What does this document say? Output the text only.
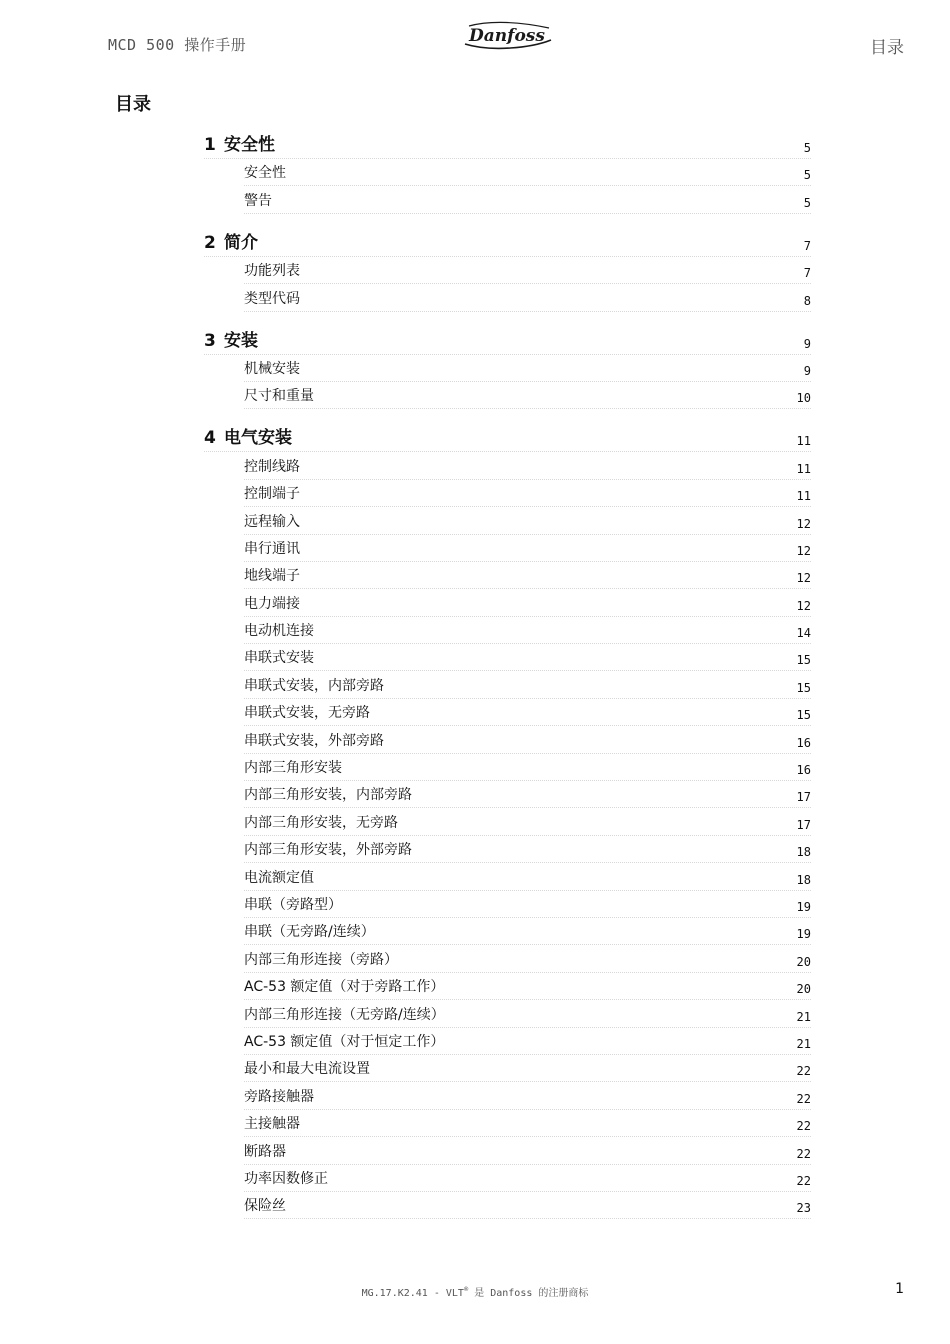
MCD 500 操作手册	Danfoss
目录
目录
1 安全性	5
安全性	5
警告	5
2 简介	7
功能列表	7
类型代码	8
3 安装	9
机械安装	9
尺寸和重量	10
4 电气安装	11
控制线路	11
控制端子	11
远程输入	12
串行通讯	12
地线端子	12
电力端接	12
电动机连接	14
串联式安装	15
串联式安装，内部旁路	15
串联式安装，无旁路	15
串联式安装，外部旁路	16
内部三角形安装	16
内部三角形安装，内部旁路	17
内部三角形安装，无旁路	17
内部三角形安装，外部旁路	18
电流额定值	18
串联（旁路型）	19
串联（无旁路/连续）	19
内部三角形连接（旁路）	20
AC-53 额定值（对于旁路工作）	20
内部三角形连接（无旁路/连续）	21
AC-53 额定值（对于恒定工作）	21
最小和最大电流设置	22
旁路接触器	22
主接触器	22
断路器	22
功率因数修正	22
保险丝	23
MG.17.K2.41 - VLT® 是 Danfoss 的注册商标	1
